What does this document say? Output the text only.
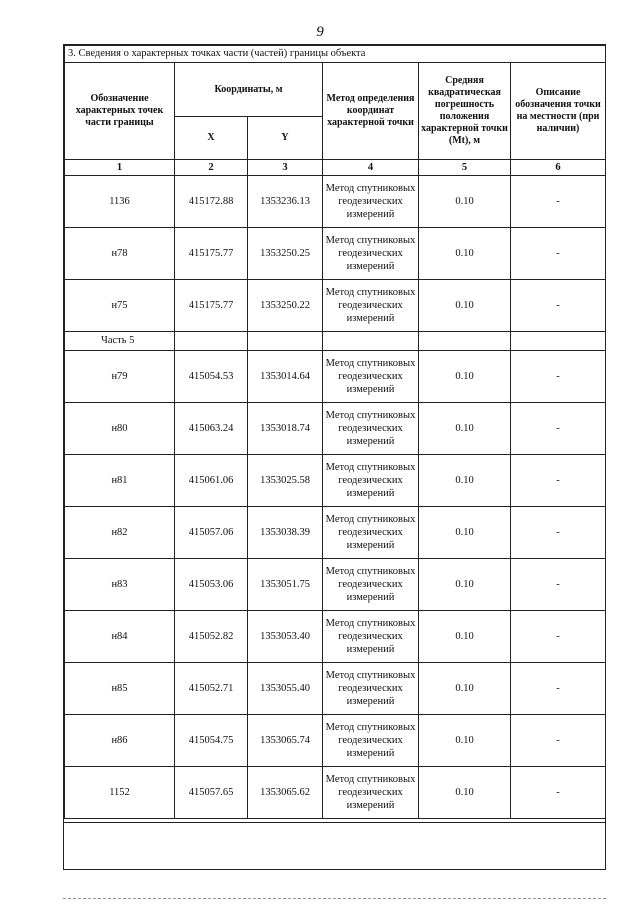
9
3. Сведения о характерных точках части (частей) границы объекта					
Обозначение характерных точек части границы	Координаты, м		Метод определения координат характерной точки	Средняя квадратическая погрешность положения характерной точки (Mt), м	Описание обозначения точки на местности (при наличии)
	X	Y			
1	2	3	4	5	6
1136	415172.88	1353236.13	Метод спутниковых геодезических измерений	0.10	-
н78	415175.77	1353250.25	Метод спутниковых геодезических измерений	0.10	-
н75	415175.77	1353250.22	Метод спутниковых геодезических измерений	0.10	-
Часть 5					
н79	415054.53	1353014.64	Метод спутниковых геодезических измерений	0.10	-
н80	415063.24	1353018.74	Метод спутниковых геодезических измерений	0.10	-
н81	415061.06	1353025.58	Метод спутниковых геодезических измерений	0.10	-
н82	415057.06	1353038.39	Метод спутниковых геодезических измерений	0.10	-
н83	415053.06	1353051.75	Метод спутниковых геодезических измерений	0.10	-
н84	415052.82	1353053.40	Метод спутниковых геодезических измерений	0.10	-
н85	415052.71	1353055.40	Метод спутниковых геодезических измерений	0.10	-
н86	415054.75	1353065.74	Метод спутниковых геодезических измерений	0.10	-
1152	415057.65	1353065.62	Метод спутниковых геодезических измерений	0.10	-
